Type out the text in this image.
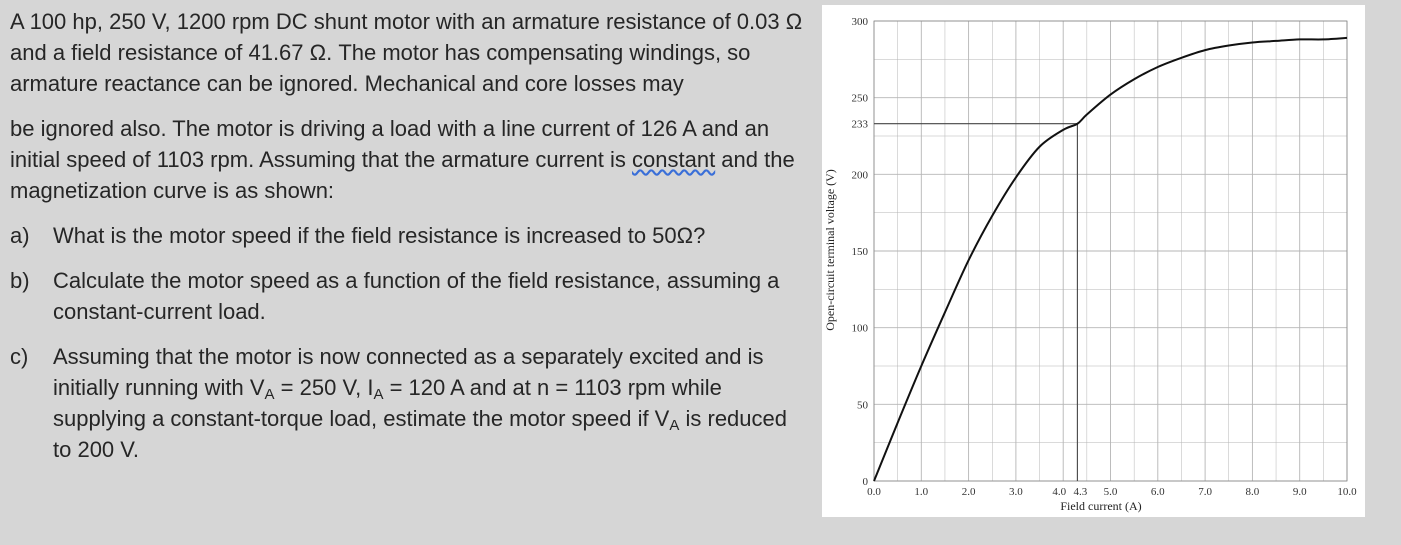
A 100 hp, 250 V, 1200 rpm DC shunt motor with an armature resistance of 0.03 Ω and a field resistance of 41.67 Ω. The motor has compensating windings, so armature reactance can be ignored. Mechanical and core losses may

be ignored also. The motor is driving a load with a line current of 126 A and an initial speed of 1103 rpm. Assuming that the armature current is constant and the magnetization curve is as shown:

a)	What is the motor speed if the field resistance is increased to 50Ω?
b)	Calculate the motor speed as a function of the field resistance, assuming a constant-current load.
c)	Assuming that the motor is now connected as a separately excited and is initially running with $V_A = 250$ V, $I_A = 120$ A and at n = 1103 rpm while supplying a constant-torque load, estimate the motor speed if $V_A$ is reduced to 200 V.
0.0	1.0	2.0	3.0	4.0 4.3 5.0	6.0	7.0	8.0	9.0	10.0
0
50
100
150
200
233
250
300
Field current (A)
Open-circuit terminal voltage (V)
